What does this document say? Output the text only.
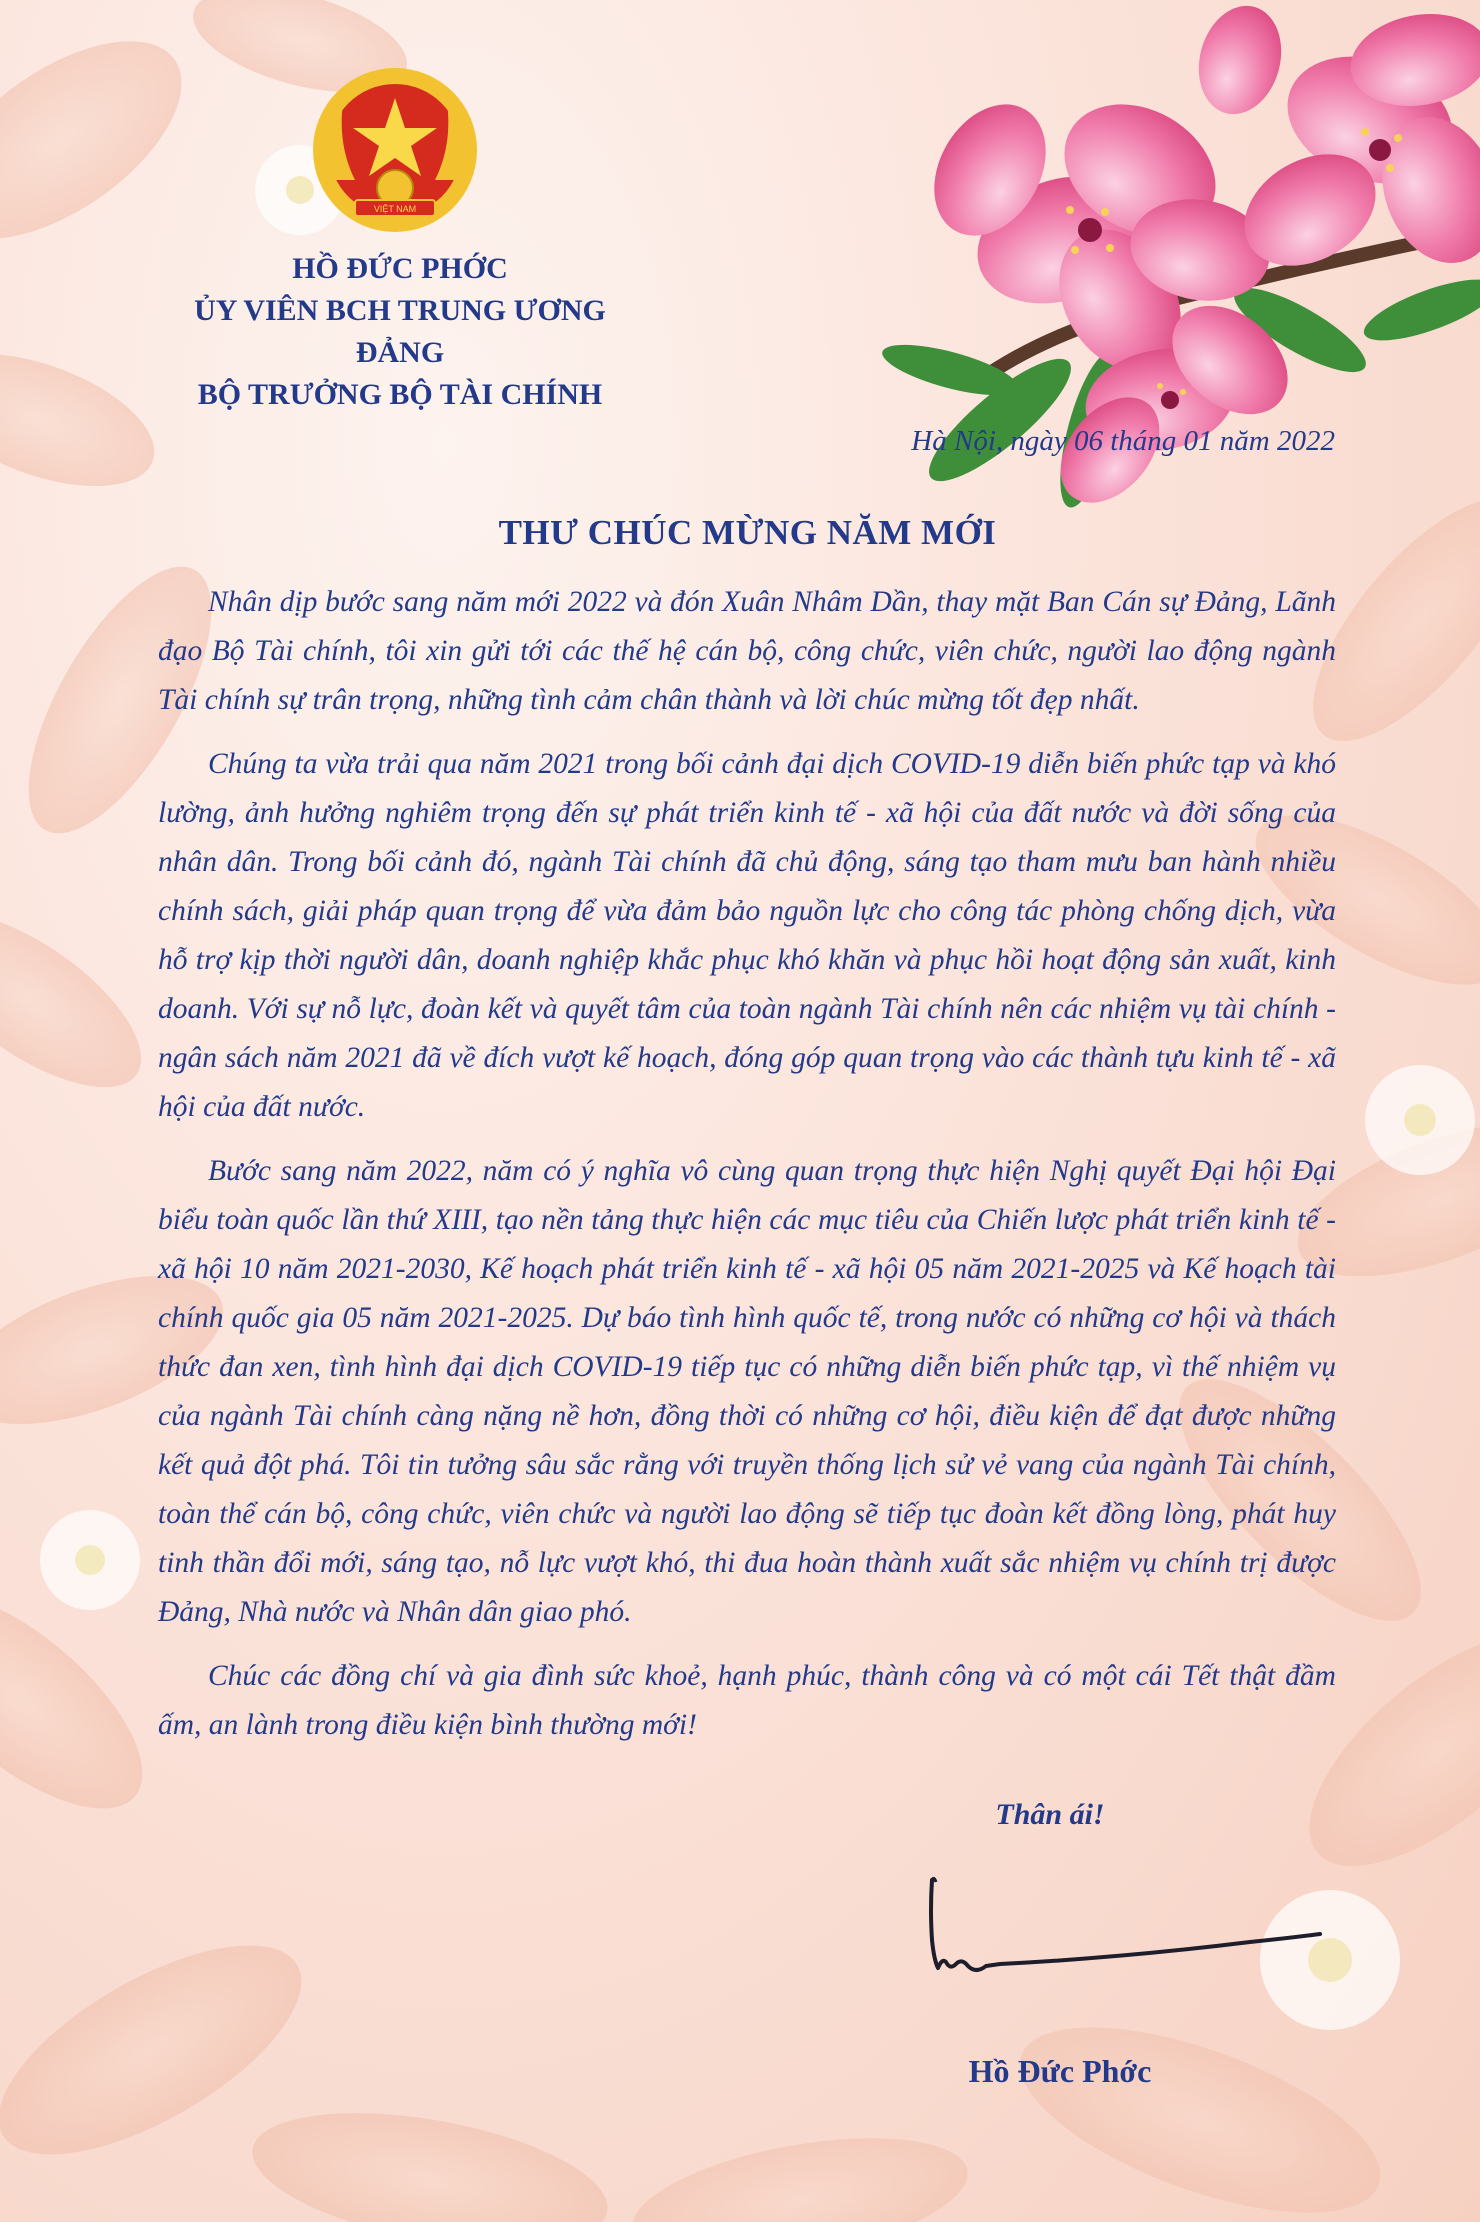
VIỆT NAM
HỒ ĐỨC PHỚC
ỦY VIÊN BCH TRUNG ƯƠNG ĐẢNG
BỘ TRƯỞNG BỘ TÀI CHÍNH
Hà Nội, ngày 06 tháng 01 năm 2022
THƯ CHÚC MỪNG NĂM MỚI

Nhân dịp bước sang năm mới 2022 và đón Xuân Nhâm Dần, thay mặt Ban Cán sự Đảng, Lãnh đạo Bộ Tài chính, tôi xin gửi tới các thế hệ cán bộ, công chức, viên chức, người lao động ngành Tài chính sự trân trọng, những tình cảm chân thành và lời chúc mừng tốt đẹp nhất.

Chúng ta vừa trải qua năm 2021 trong bối cảnh đại dịch COVID-19 diễn biến phức tạp và khó lường, ảnh hưởng nghiêm trọng đến sự phát triển kinh tế - xã hội của đất nước và đời sống của nhân dân. Trong bối cảnh đó, ngành Tài chính đã chủ động, sáng tạo tham mưu ban hành nhiều chính sách, giải pháp quan trọng để vừa đảm bảo nguồn lực cho công tác phòng chống dịch, vừa hỗ trợ kịp thời người dân, doanh nghiệp khắc phục khó khăn và phục hồi hoạt động sản xuất, kinh doanh. Với sự nỗ lực, đoàn kết và quyết tâm của toàn ngành Tài chính nên các nhiệm vụ tài chính - ngân sách năm 2021 đã về đích vượt kế hoạch, đóng góp quan trọng vào các thành tựu kinh tế - xã hội của đất nước.

Bước sang năm 2022, năm có ý nghĩa vô cùng quan trọng thực hiện Nghị quyết Đại hội Đại biểu toàn quốc lần thứ XIII, tạo nền tảng thực hiện các mục tiêu của Chiến lược phát triển kinh tế - xã hội 10 năm 2021-2030, Kế hoạch phát triển kinh tế - xã hội 05 năm 2021-2025 và Kế hoạch tài chính quốc gia 05 năm 2021-2025. Dự báo tình hình quốc tế, trong nước có những cơ hội và thách thức đan xen, tình hình đại dịch COVID-19 tiếp tục có những diễn biến phức tạp, vì thế nhiệm vụ của ngành Tài chính càng nặng nề hơn, đồng thời có những cơ hội, điều kiện để đạt được những kết quả đột phá. Tôi tin tưởng sâu sắc rằng với truyền thống lịch sử vẻ vang của ngành Tài chính, toàn thể cán bộ, công chức, viên chức và người lao động sẽ tiếp tục đoàn kết đồng lòng, phát huy tinh thần đổi mới, sáng tạo, nỗ lực vượt khó, thi đua hoàn thành xuất sắc nhiệm vụ chính trị được Đảng, Nhà nước và Nhân dân giao phó.

Chúc các đồng chí và gia đình sức khoẻ, hạnh phúc, thành công và có một cái Tết thật đầm ấm, an lành trong điều kiện bình thường mới!

Thân ái!
Hồ Đức Phớc
